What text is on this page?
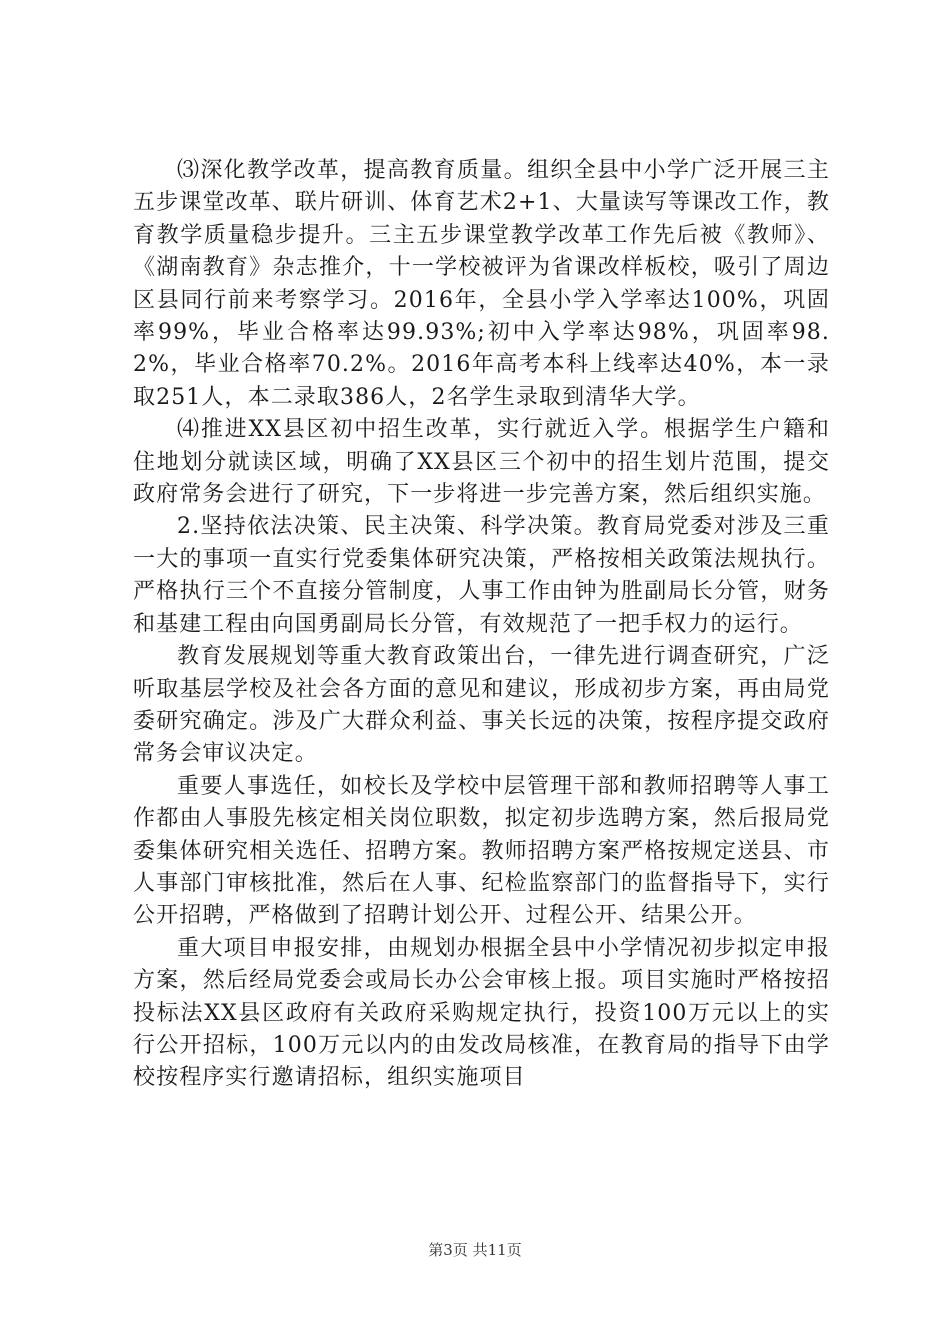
⑶深化教学改革，提高教育质量。组织全县中小学广泛开展三主五步课堂改革、联片研训、体育艺术2+1、大量读写等课改工作，教育教学质量稳步提升。三主五步课堂教学改革工作先后被《教师》、《湖南教育》杂志推介，十一学校被评为省课改样板校，吸引了周边区县同行前来考察学习。2016年，全县小学入学率达100%，巩固率99%，毕业合格率达99.93%;初中入学率达98%，巩固率98.2%，毕业合格率70.2%。2016年高考本科上线率达40%，本一录取251人，本二录取386人，2名学生录取到清华大学。

⑷推进XX县区初中招生改革，实行就近入学。根据学生户籍和住地划分就读区域，明确了XX县区三个初中的招生划片范围，提交政府常务会进行了研究，下一步将进一步完善方案，然后组织实施。

2.坚持依法决策、民主决策、科学决策。教育局党委对涉及三重一大的事项一直实行党委集体研究决策，严格按相关政策法规执行。严格执行三个不直接分管制度，人事工作由钟为胜副局长分管，财务和基建工程由向国勇副局长分管，有效规范了一把手权力的运行。

教育发展规划等重大教育政策出台，一律先进行调查研究，广泛听取基层学校及社会各方面的意见和建议，形成初步方案，再由局党委研究确定。涉及广大群众利益、事关长远的决策，按程序提交政府常务会审议决定。

重要人事选任，如校长及学校中层管理干部和教师招聘等人事工作都由人事股先核定相关岗位职数，拟定初步选聘方案，然后报局党委集体研究相关选任、招聘方案。教师招聘方案严格按规定送县、市人事部门审核批准，然后在人事、纪检监察部门的监督指导下，实行公开招聘，严格做到了招聘计划公开、过程公开、结果公开。

重大项目申报安排，由规划办根据全县中小学情况初步拟定申报方案，然后经局党委会或局长办公会审核上报。项目实施时严格按招投标法XX县区政府有关政府采购规定执行，投资100万元以上的实行公开招标，100万元以内的由发改局核准，在教育局的指导下由学校按程序实行邀请招标，组织实施项目

第3页 共11页
